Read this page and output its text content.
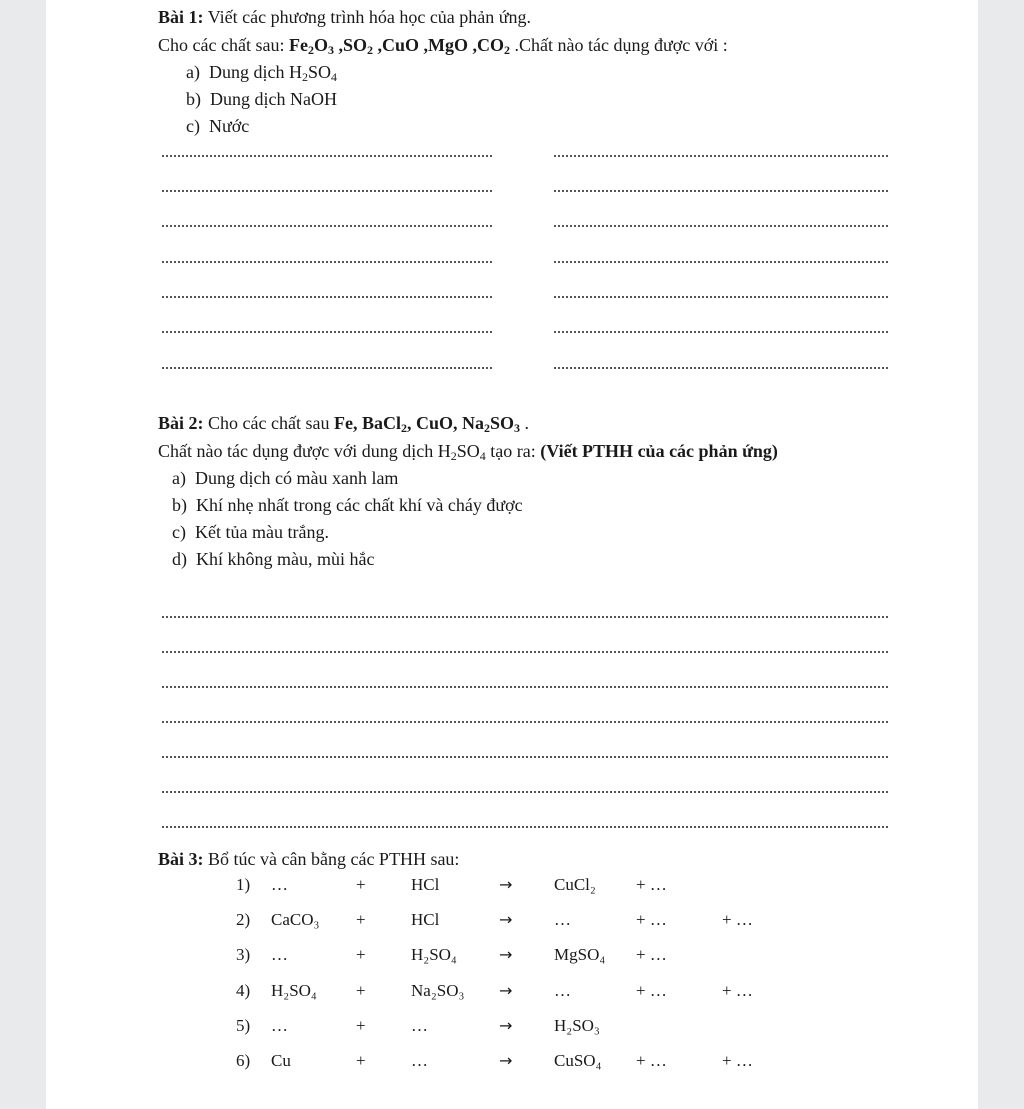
Bài 1: Viết các phương trình hóa học của phản ứng.
Cho các chất sau: $Fe_2O_3$ $,SO_2$ ,CuO ,MgO $,CO_2$ .Chất nào tác dụng được với :
a) Dung dịch $H_2SO_4$
b) Dung dịch NaOH
c) Nước
Bài 2: Cho các chất sau Fe, BaCl$_2$, CuO, $Na_2SO_3$ .
Chất nào tác dụng được với dung dịch $H_2SO_4$ tạo ra: (Viết PTHH của các phản ứng)
a) Dung dịch có màu xanh lam
b) Khí nhẹ nhất trong các chất khí và cháy được
c) Kết tủa màu trắng.
d) Khí không màu, mùi hắc
Bài 3: Bổ túc và cân bằng các PTHH sau:
1) …	+	HCl	→ CuCl₂ + …
2) CaCO₃ +	HCl	→ …	+ …	+ …
3) …	+	H₂SO₄	→ MgSO₄ + …
4) H₂SO₄ +	Na₂SO₃ → …	+ …	+ …
5) …	+	…	→ H₂SO₃
6) Cu	+	…	→ CuSO₄ + …	+ …
